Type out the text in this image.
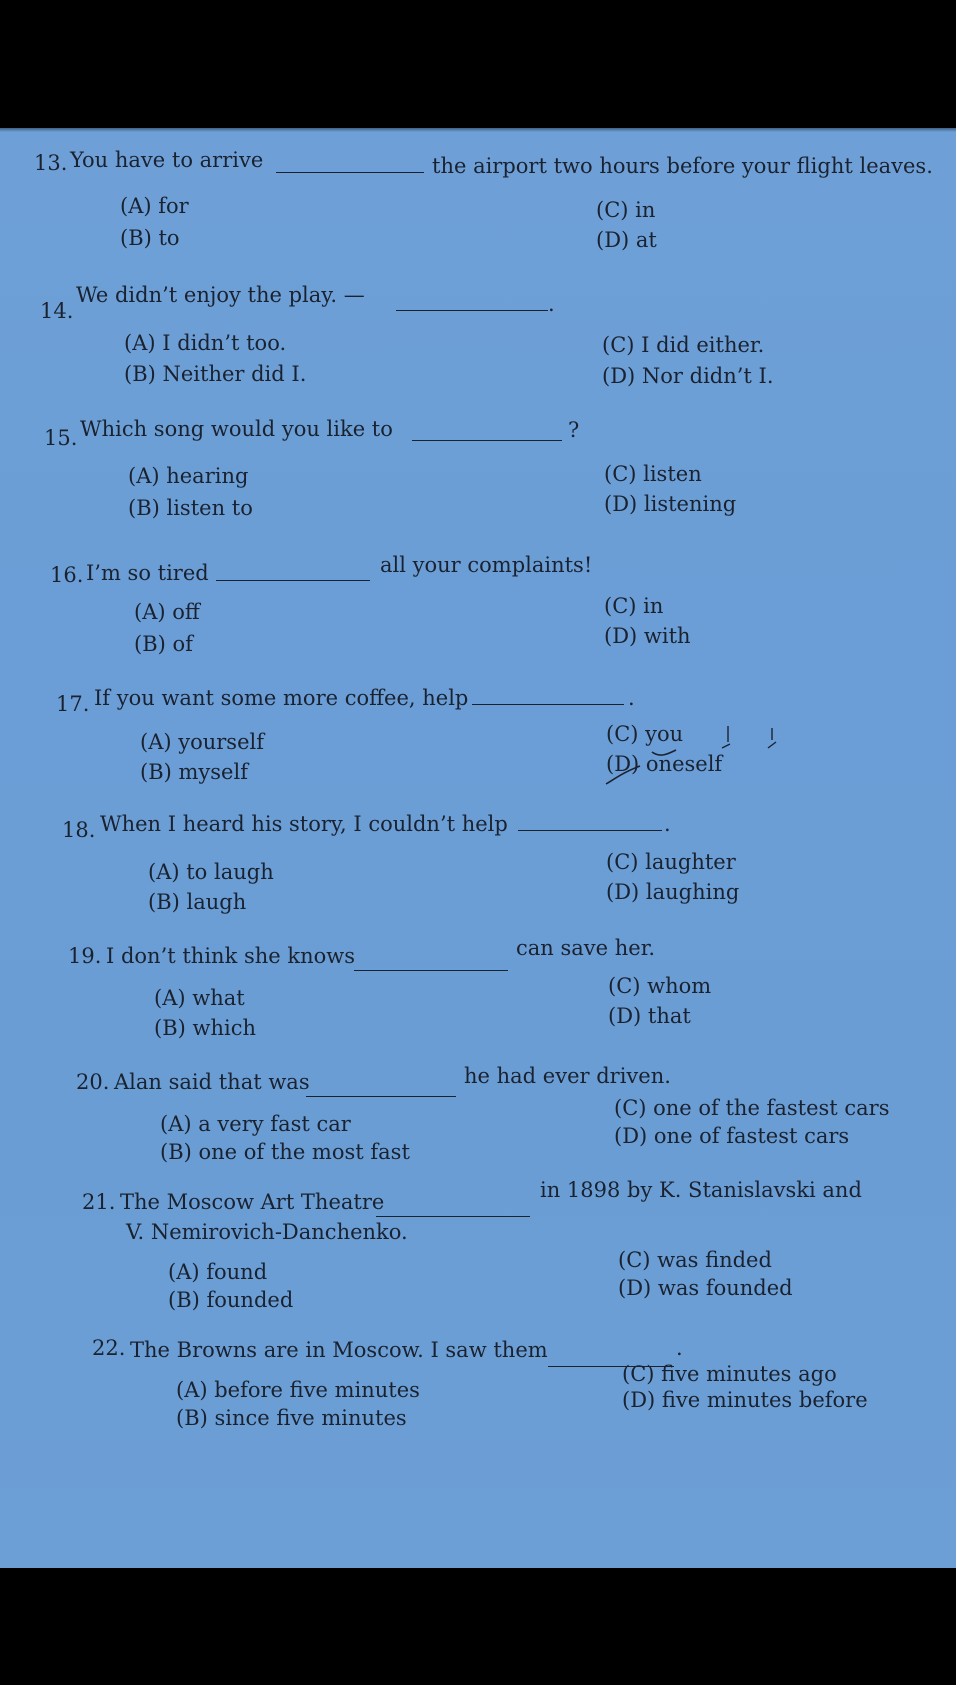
13. You have to arrive	the airport two hours before your flight leaves.
(A) for
(B) to
(C) in
(D) at
14.
We didn’t enjoy the play. —	.
(A) I didn’t too.
(B) Neither did I.
(C) I did either.
(D) Nor didn’t I.
15. Which song would you like to	?
(A) hearing
(B) listen to
(C) listen
(D) listening
16. I’m so tired	all your complaints!
(A) off
(B) of
(C) in
(D) with
17. If you want some more coffee, help	.
(A) yourself
(B) myself
(C) you
(D) oneself
18. When I heard his story, I couldn’t help	.
(A) to laugh
(B) laugh
(C) laughter
(D) laughing
19. I don’t think she knows	can save her.
(A) what
(B) which
(C) whom
(D) that
20. Alan said that was	he had ever driven.
(A) a very fast car
(B) one of the most fast
(C) one of the fastest cars
(D) one of fastest cars
21. The Moscow Art Theatre	in 1898 by K. Stanislavski and
V. Nemirovich-Danchenko.
(A) found
(B) founded
(C) was finded
(D) was founded
22. The Browns are in Moscow. I saw them	.
(A) before five minutes
(B) since five minutes
(C) five minutes ago
(D) five minutes before
